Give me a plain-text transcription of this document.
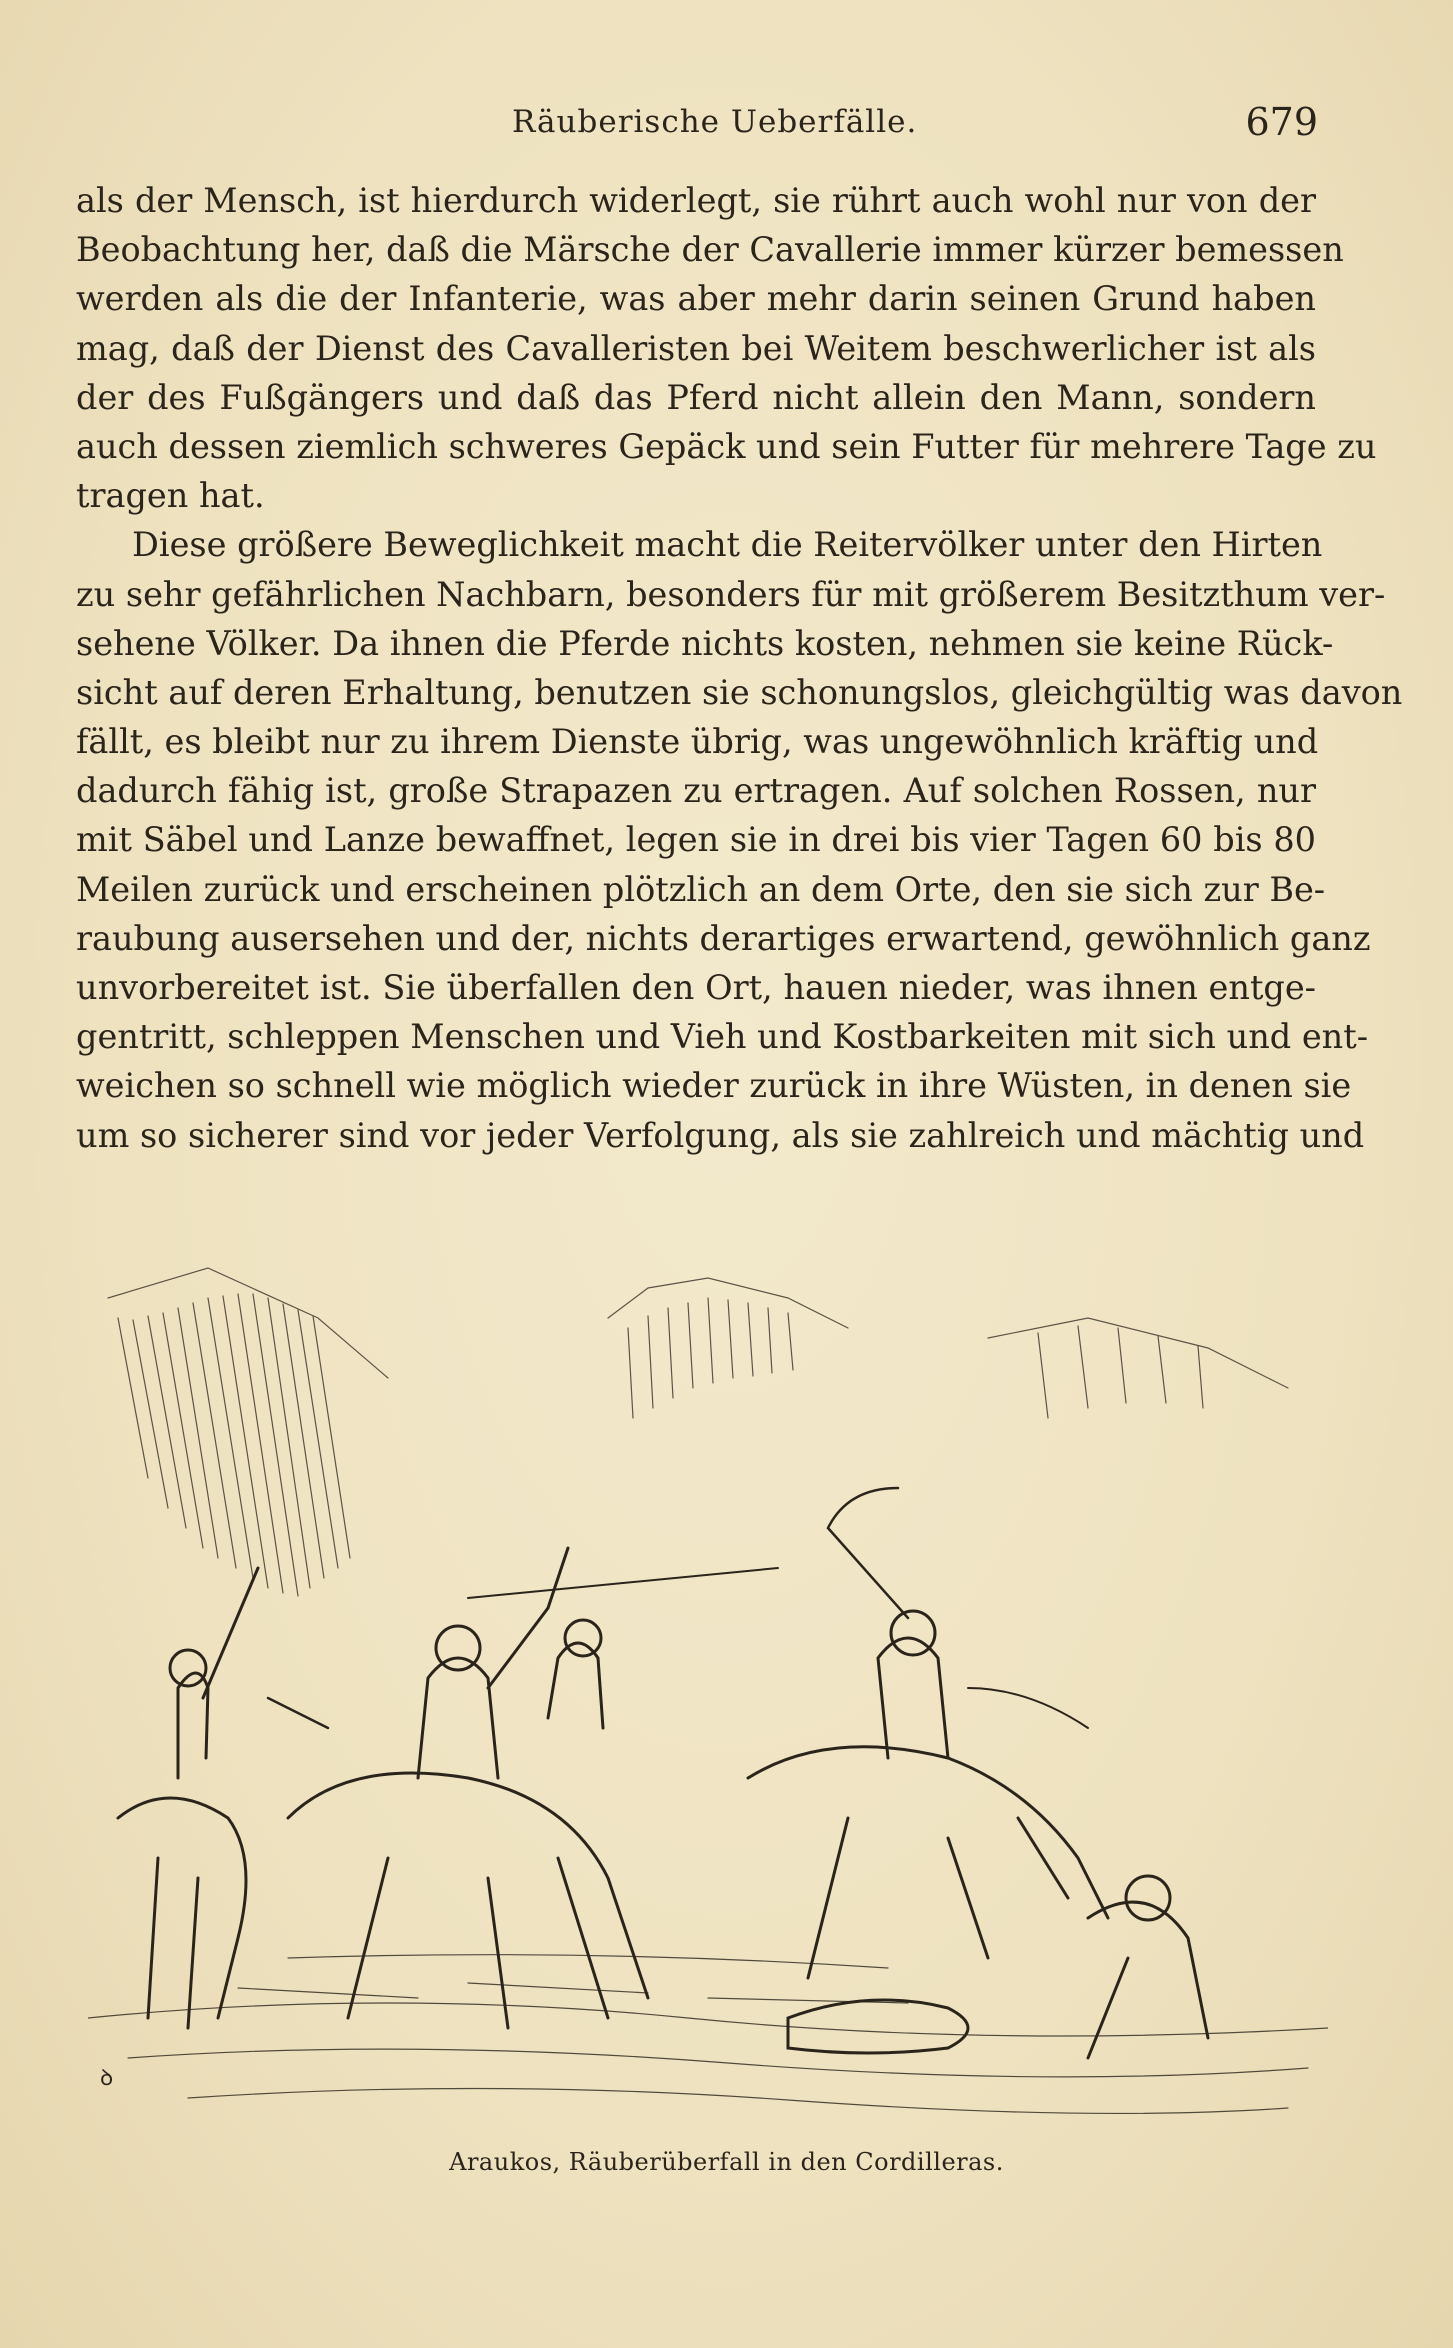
Räuberische Ueberfälle.	679
als der Mensch, ist hierdurch widerlegt, sie rührt auch wohl nur von der
Beobachtung her, daß die Märsche der Cavallerie immer kürzer bemessen
werden als die der Infanterie, was aber mehr darin seinen Grund haben
mag, daß der Dienst des Cavalleristen bei Weitem beschwerlicher ist als
der des Fußgängers und daß das Pferd nicht allein den Mann, sondern
auch dessen ziemlich schweres Gepäck und sein Futter für mehrere Tage zu
tragen hat.
Diese größere Beweglichkeit macht die Reitervölker unter den Hirten
zu sehr gefährlichen Nachbarn, besonders für mit größerem Besitzthum ver-
sehene Völker. Da ihnen die Pferde nichts kosten, nehmen sie keine Rück-
sicht auf deren Erhaltung, benutzen sie schonungslos, gleichgültig was davon
fällt, es bleibt nur zu ihrem Dienste übrig, was ungewöhnlich kräftig und
dadurch fähig ist, große Strapazen zu ertragen. Auf solchen Rossen, nur
mit Säbel und Lanze bewaffnet, legen sie in drei bis vier Tagen 60 bis 80
Meilen zurück und erscheinen plötzlich an dem Orte, den sie sich zur Be-
raubung ausersehen und der, nichts derartiges erwartend, gewöhnlich ganz
unvorbereitet ist. Sie überfallen den Ort, hauen nieder, was ihnen entge-
gentritt, schleppen Menschen und Vieh und Kostbarkeiten mit sich und ent-
weichen so schnell wie möglich wieder zurück in ihre Wüsten, in denen sie
um so sicherer sind vor jeder Verfolgung, als sie zahlreich und mächtig und
ꝺ
Araukos, Räuberüberfall in den Cordilleras.
